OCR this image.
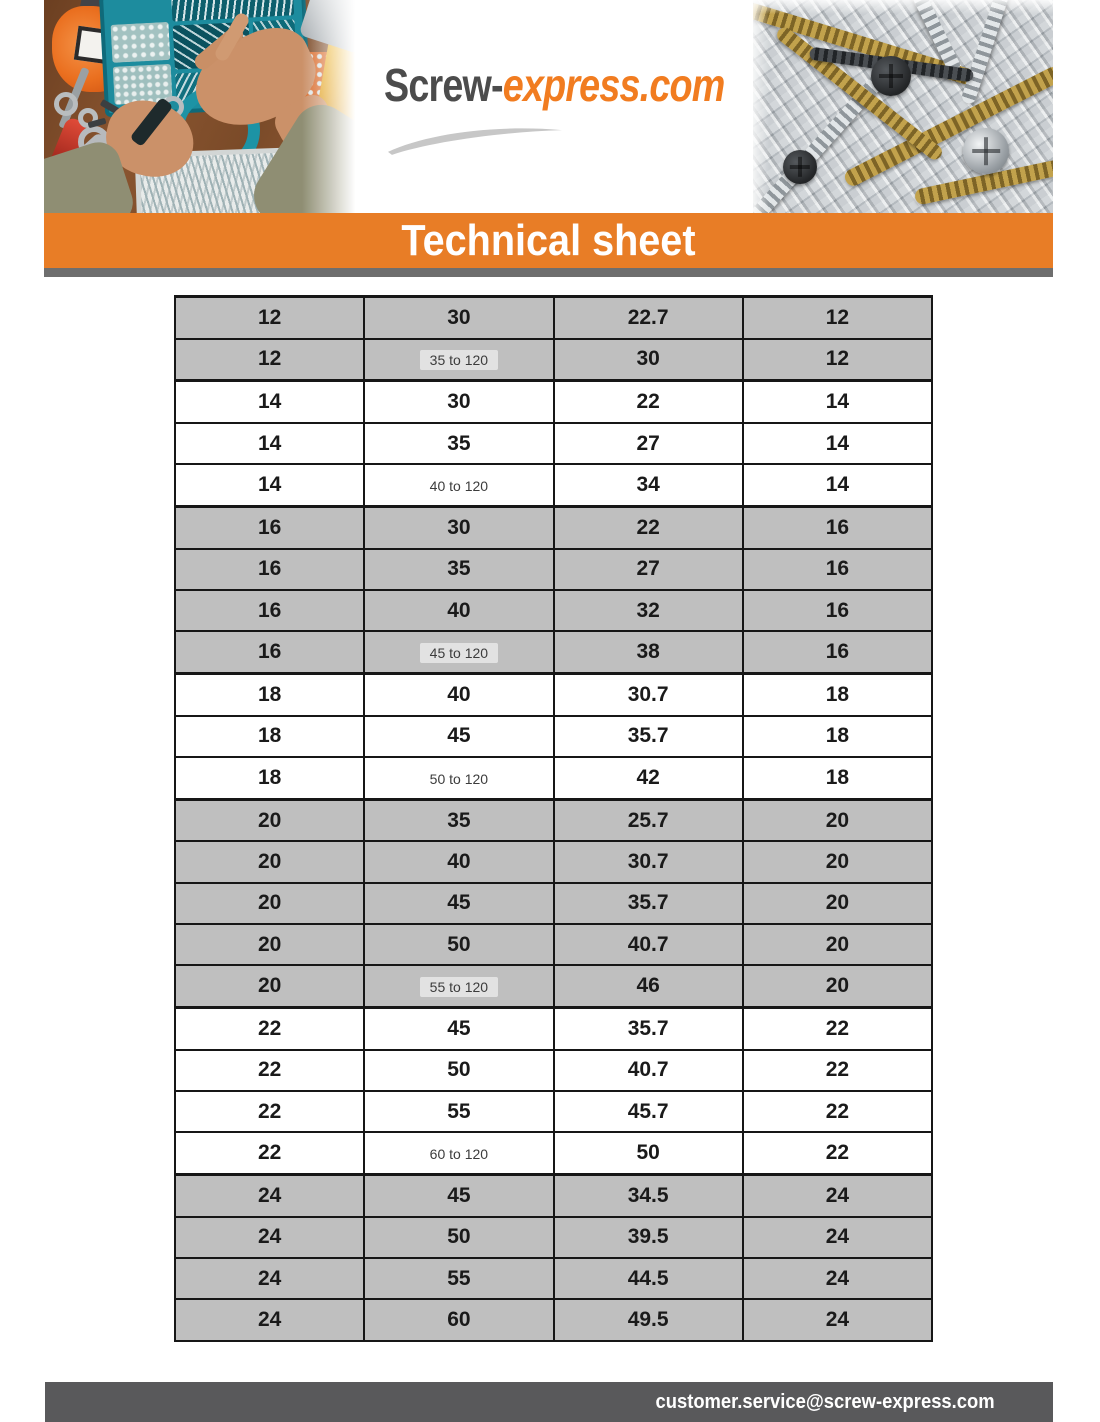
Screw-express.com
Technical sheet
12	30	22.7	12
12	35 to 120	30	12
14	30	22	14
14	35	27	14
14	40 to 120	34	14
16	30	22	16
16	35	27	16
16	40	32	16
16	45 to 120	38	16
18	40	30.7	18
18	45	35.7	18
18	50 to 120	42	18
20	35	25.7	20
20	40	30.7	20
20	45	35.7	20
20	50	40.7	20
20	55 to 120	46	20
22	45	35.7	22
22	50	40.7	22
22	55	45.7	22
22	60 to 120	50	22
24	45	34.5	24
24	50	39.5	24
24	55	44.5	24
24	60	49.5	24
customer.service@screw-express.com
